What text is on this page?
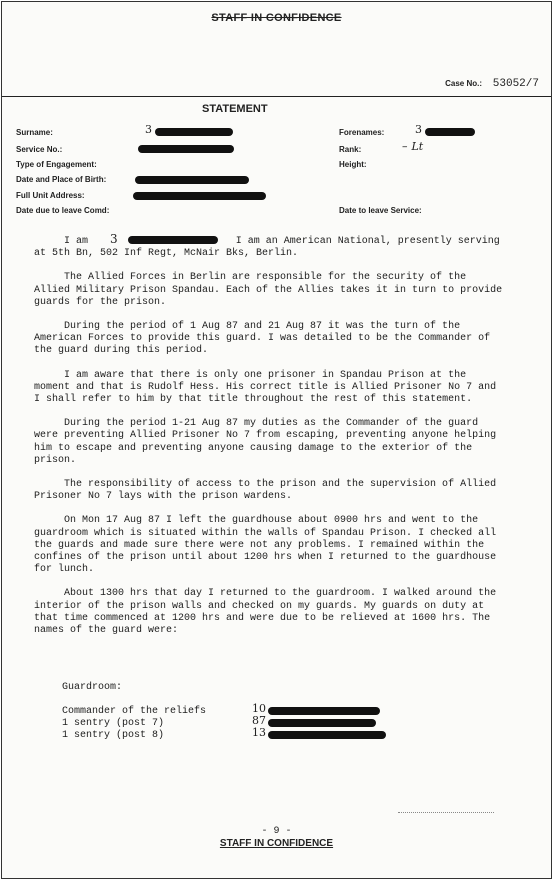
STAFF IN CONFIDENCE
Case No.: 53052/7
STATEMENT
Surname:	3
Service No.:
Type of Engagement:
Date and Place of Birth:
Full Unit Address:
Date due to leave Comd:
Forenames:	3
Rank:	– Lt
Height:
Date to leave Service:

I am 3	I am an American National, presently serving at 5th Bn, 502 Inf Regt, McNair Bks, Berlin.

The Allied Forces in Berlin are responsible for the security of the Allied Military Prison Spandau. Each of the Allies takes it in turn to provide guards for the prison.

During the period of 1 Aug 87 and 21 Aug 87 it was the turn of the American Forces to provide this guard. I was detailed to be the Commander of the guard during this period.

I am aware that there is only one prisoner in Spandau Prison at the moment and that is Rudolf Hess. His correct title is Allied Prisoner No 7 and I shall refer to him by that title throughout the rest of this statement.

During the period 1-21 Aug 87 my duties as the Commander of the guard were preventing Allied Prisoner No 7 from escaping, preventing anyone helping him to escape and preventing anyone causing damage to the exterior of the prison.

The responsibility of access to the prison and the supervision of Allied Prisoner No 7 lays with the prison wardens.

On Mon 17 Aug 87 I left the guardhouse about 0900 hrs and went to the guardroom which is situated within the walls of Spandau Prison. I checked all the guards and made sure there were not any problems. I remained within the confines of the prison until about 1200 hrs when I returned to the guardhouse for lunch.

About 1300 hrs that day I returned to the guardroom. I walked around the interior of the prison walls and checked on my guards. My guards on duty at that time commenced at 1200 hrs and were due to be relieved at 1600 hrs. The names of the guard were:

Guardroom:
Commander of the reliefs	10
1 sentry (post 7)	87
1 sentry (post 8)	13
- 9 -
STAFF IN CONFIDENCE
